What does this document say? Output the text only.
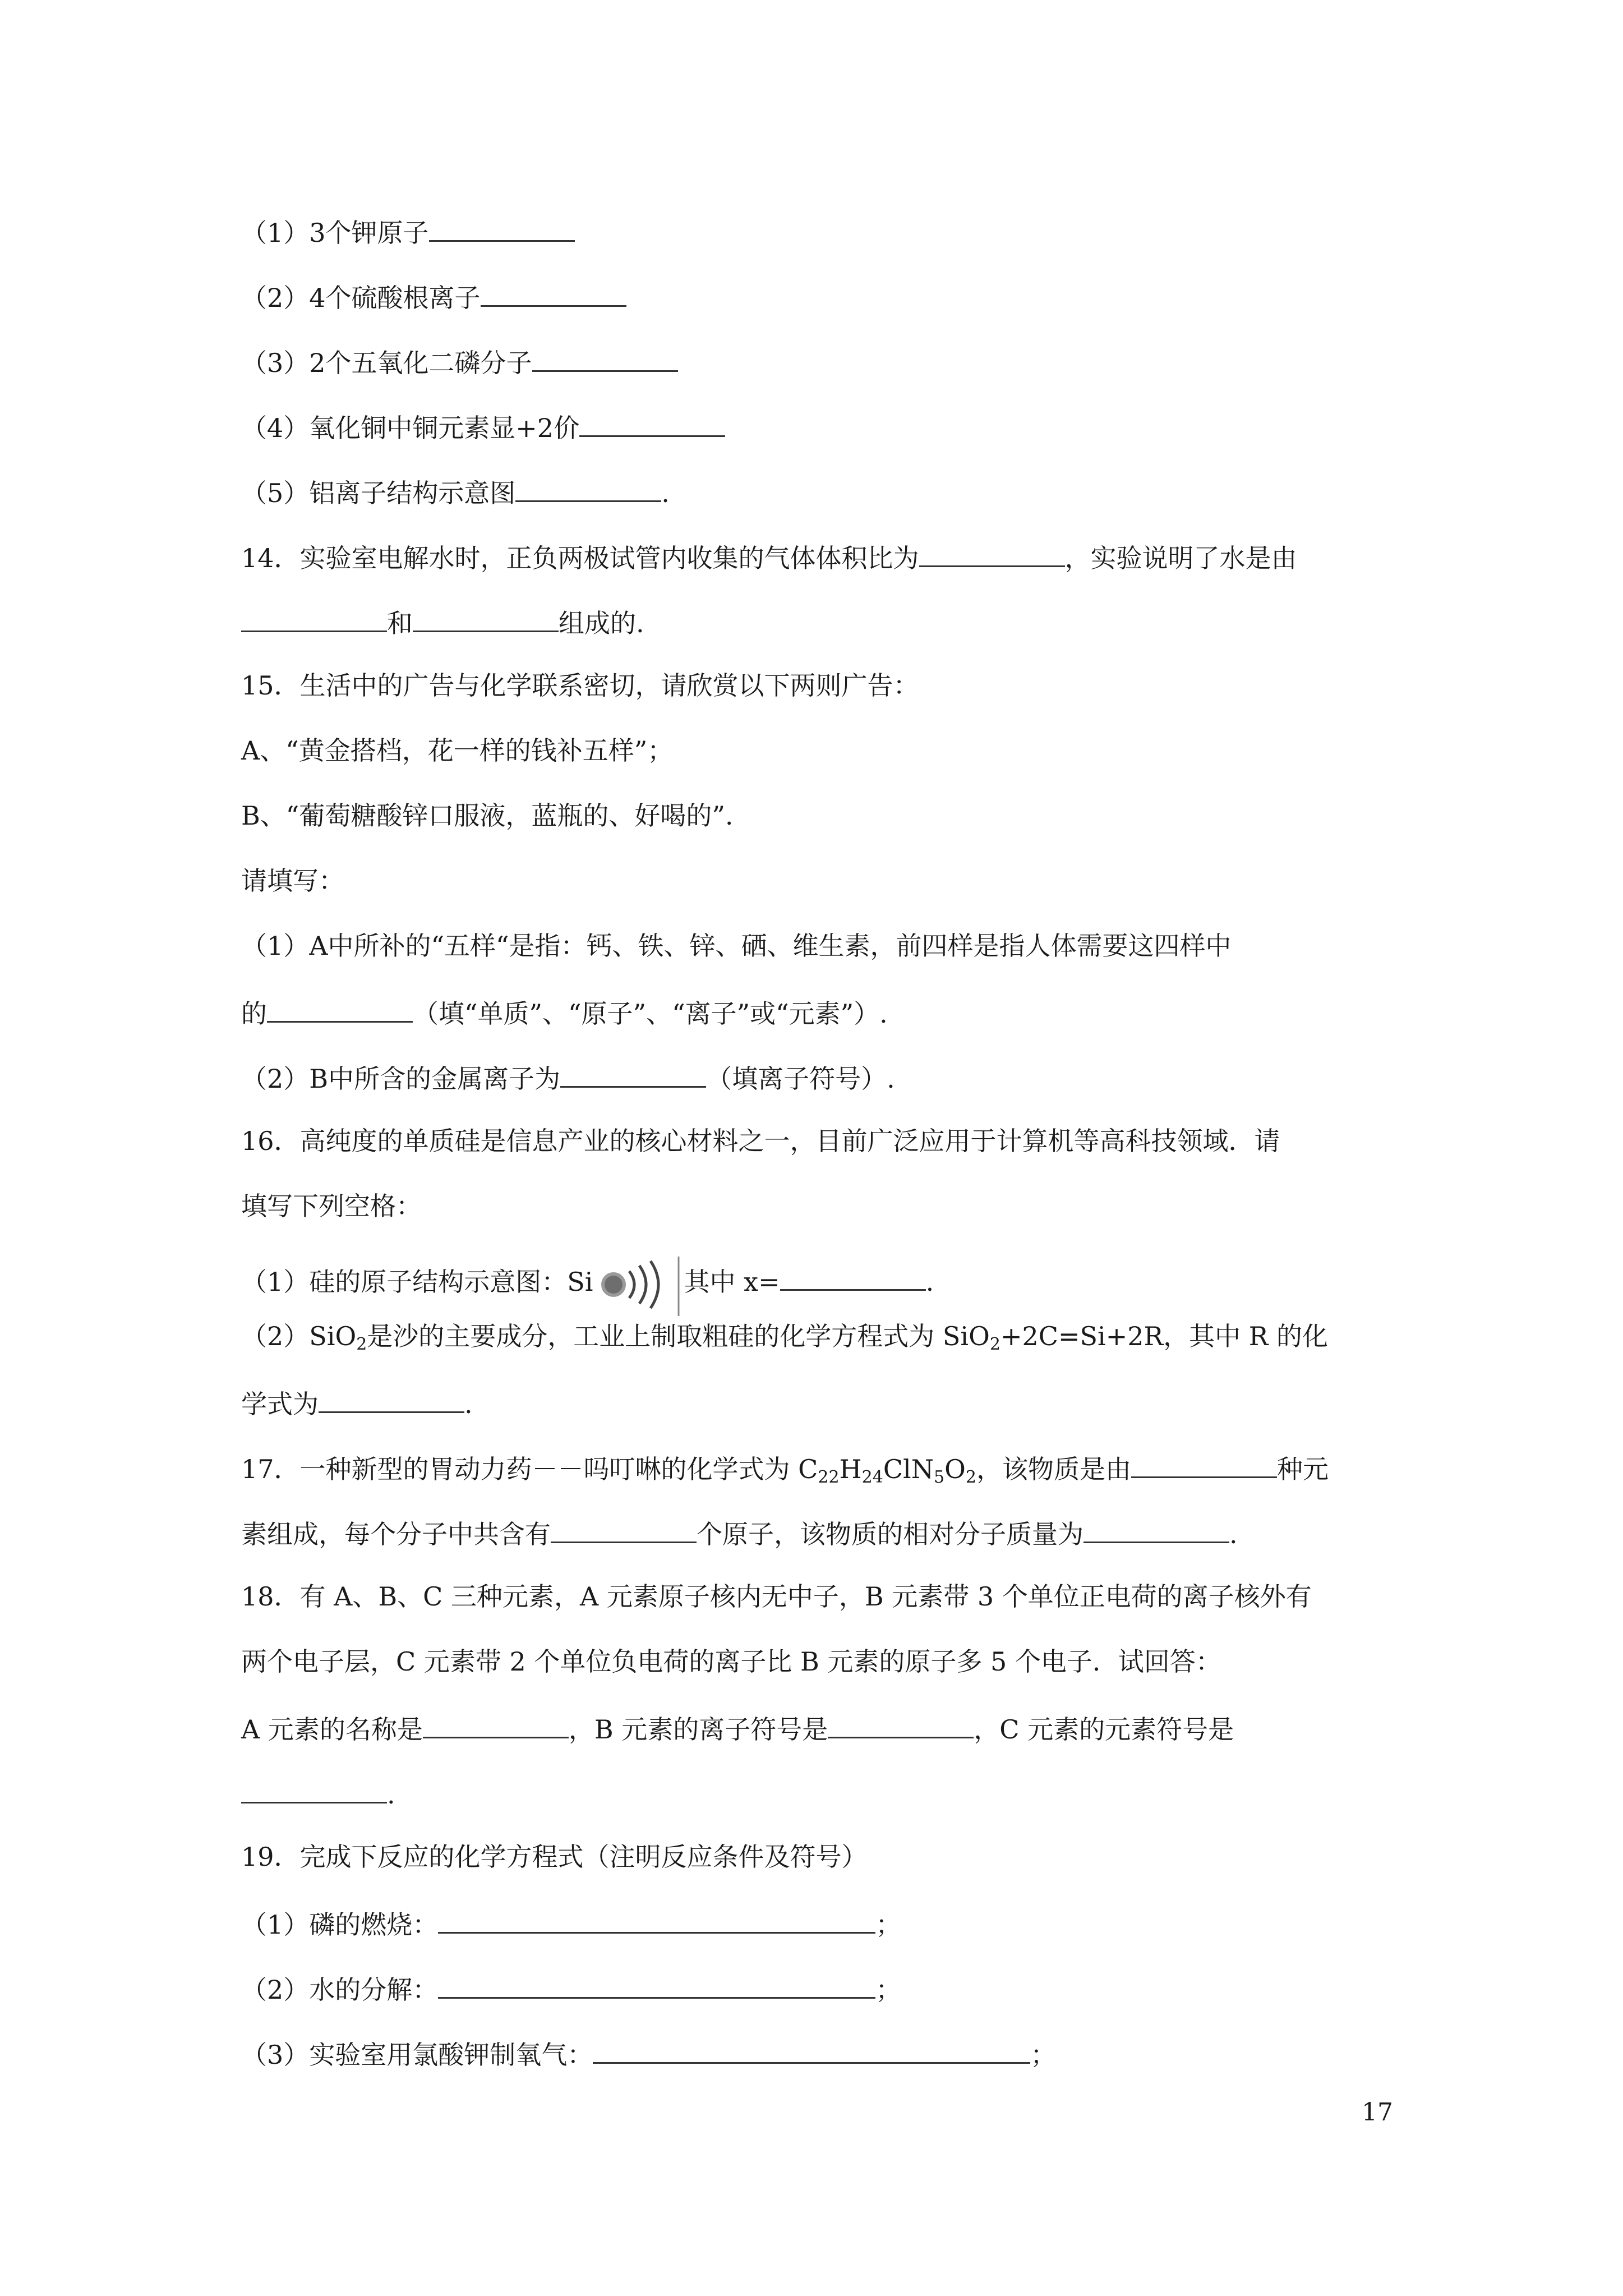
（1）3个钾原子
（2）4个硫酸根离子
（3）2个五氧化二磷分子
（4）氧化铜中铜元素显+2价
（5）铝离子结构示意图	.
14．实验室电解水时，正负两极试管内收集的气体体积比为	，实验说明了水是由
和	组成的.
15．生活中的广告与化学联系密切，请欣赏以下两则广告：
A、“黄金搭档，花一样的钱补五样”；
B、“葡萄糖酸锌口服液，蓝瓶的、好喝的”.
请填写：
（1）A中所补的“五样“是指：钙、铁、锌、硒、维生素，前四样是指人体需要这四样中
的	（填“单质”、“原子”、“离子”或“元素”）.
（2）B中所含的金属离子为	（填离子符号）.
16．高纯度的单质硅是信息产业的核心材料之一，目前广泛应用于计算机等高科技领域．请
填写下列空格：
（1）硅的原子结构示意图：Si	其中 x=	.
（2）SiO$_2$是沙的主要成分，工业上制取粗硅的化学方程式为 SiO$_2$+2C=Si+2R，其中 R 的化
学式为	.
17．一种新型的胃动力药－－吗叮啉的化学式为 $C_{22}H_{24}ClN_5O_2$，该物质是由	种元
素组成，每个分子中共含有	个原子，该物质的相对分子质量为	.
18．有 A、B、C 三种元素，A 元素原子核内无中子，B 元素带 3 个单位正电荷的离子核外有
两个电子层，C 元素带 2 个单位负电荷的离子比 B 元素的原子多 5 个电子．试回答：
A 元素的名称是	，B 元素的离子符号是	，C 元素的元素符号是
.
19．完成下反应的化学方程式（注明反应条件及符号）
（1）磷的燃烧：	；
（2）水的分解：	；
（3）实验室用氯酸钾制氧气：	；
17
